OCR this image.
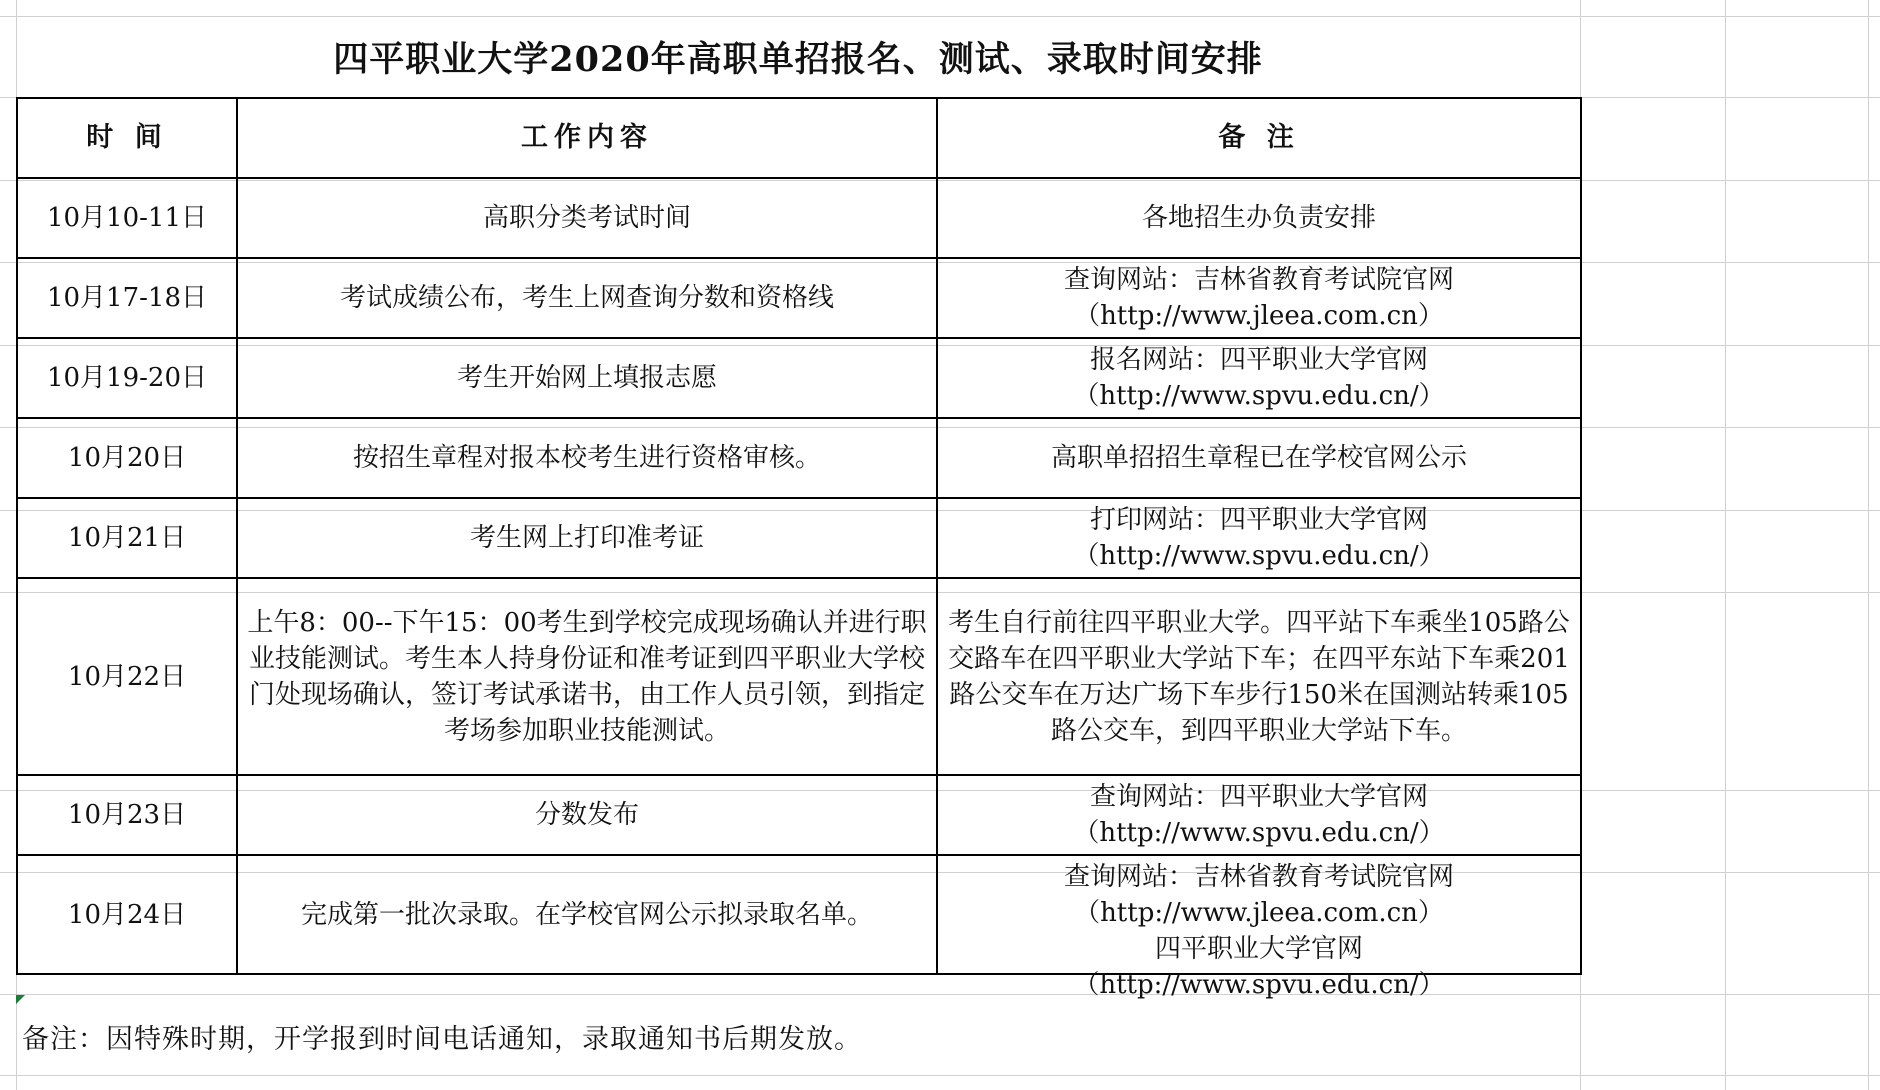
四平职业大学2020年高职单招报名、测试、录取时间安排
时 间	工作内容	备 注
10月10-11日	高职分类考试时间	各地招生办负责安排

10月17-18日	考试成绩公布，考生上网查询分数和资格线	查询网站：吉林省教育考试院官网
（http://www.jleea.com.cn）

10月19-20日	考生开始网上填报志愿	报名网站：四平职业大学官网
（http://www.spvu.edu.cn/）

10月20日	按招生章程对报本校考生进行资格审核。	高职单招招生章程已在学校官网公示

10月21日	考生网上打印准考证	打印网站：四平职业大学官网
（http://www.spvu.edu.cn/）

10月22日	上午8：00--下午15：00考生到学校完成现场确认并进行职业技能测试。考生本人持身份证和准考证到四平职业大学校门处现场确认，签订考试承诺书，由工作人员引领，到指定考场参加职业技能测试。	考生自行前往四平职业大学。四平站下车乘坐105路公交路车在四平职业大学站下车；在四平东站下车乘201路公交车在万达广场下车步行150米在国测站转乘105路公交车，到四平职业大学站下车。
10月23日	分数发布	查询网站：四平职业大学官网
（http://www.spvu.edu.cn/）

10月24日	完成第一批次录取。在学校官网公示拟录取名单。	查询网站：吉林省教育考试院官网
（http://www.jleea.com.cn）
四平职业大学官网
（http://www.spvu.edu.cn/）
备注：因特殊时期，开学报到时间电话通知，录取通知书后期发放。
